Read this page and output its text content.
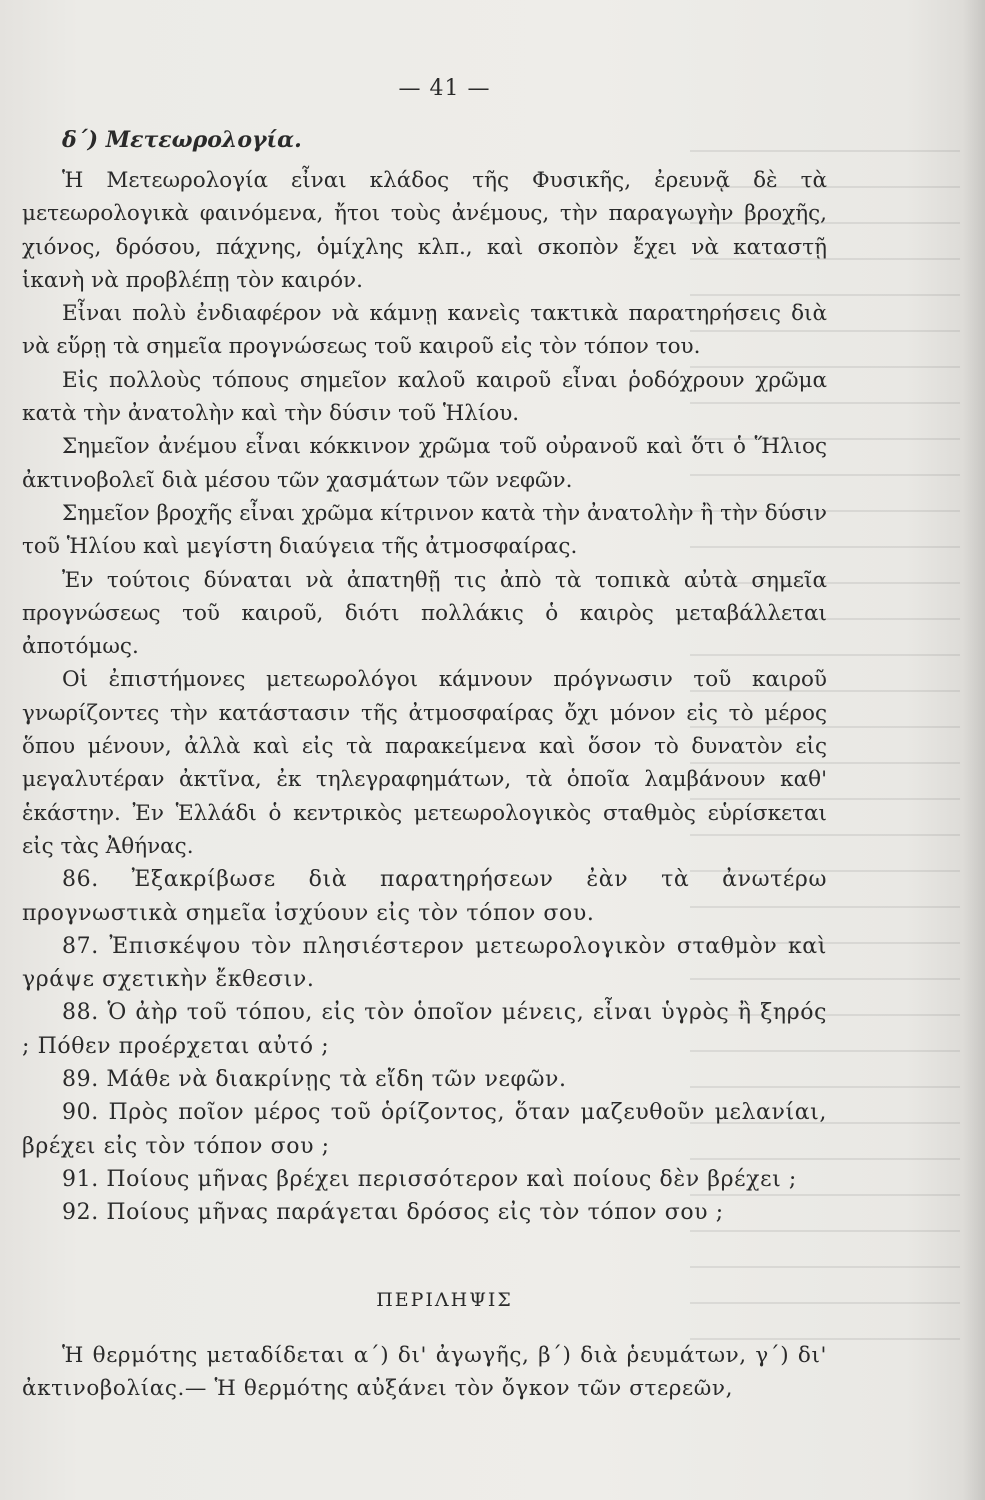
— 41 —
δ΄) Μετεωρολογία.

Ἡ Μετεωρολογία εἶναι κλάδος τῆς Φυσικῆς, ἐρευνᾷ δὲ τὰ μετεωρολογικὰ φαινόμενα, ἤτοι τοὺς ἀνέμους, τὴν παραγωγὴν βροχῆς, χιόνος, δρόσου, πάχνης, ὁμίχλης κλπ., καὶ σκοπὸν ἔχει νὰ καταστῇ ἱκανὴ νὰ προβλέπῃ τὸν καιρόν.

Εἶναι πολὺ ἐνδιαφέρον νὰ κάμνῃ κανεὶς τακτικὰ παρατηρήσεις διὰ νὰ εὕρῃ τὰ σημεῖα προγνώσεως τοῦ καιροῦ εἰς τὸν τόπον του.

Εἰς πολλοὺς τόπους σημεῖον καλοῦ καιροῦ εἶναι ῥοδόχρουν χρῶμα κατὰ τὴν ἀνατολὴν καὶ τὴν δύσιν τοῦ Ἡλίου.

Σημεῖον ἀνέμου εἶναι κόκκινον χρῶμα τοῦ οὐρανοῦ καὶ ὅτι ὁ Ἥλιος ἀκτινοβολεῖ διὰ μέσου τῶν χασμάτων τῶν νεφῶν.

Σημεῖον βροχῆς εἶναι χρῶμα κίτρινον κατὰ τὴν ἀνατολὴν ἢ τὴν δύσιν τοῦ Ἡλίου καὶ μεγίστη διαύγεια τῆς ἀτμοσφαίρας.

Ἐν τούτοις δύναται νὰ ἀπατηθῇ τις ἀπὸ τὰ τοπικὰ αὐτὰ σημεῖα προγνώσεως τοῦ καιροῦ, διότι πολλάκις ὁ καιρὸς μεταβάλλεται ἀποτόμως.

Οἱ ἐπιστήμονες μετεωρολόγοι κάμνουν πρόγνωσιν τοῦ καιροῦ γνωρίζοντες τὴν κατάστασιν τῆς ἀτμοσφαίρας ὄχι μόνον εἰς τὸ μέρος ὅπου μένουν, ἀλλὰ καὶ εἰς τὰ παρακείμενα καὶ ὅσον τὸ δυνατὸν εἰς μεγαλυτέραν ἀκτῖνα, ἐκ τηλεγραφημάτων, τὰ ὁποῖα λαμβάνουν καθ' ἑκάστην. Ἐν Ἑλλάδι ὁ κεντρικὸς μετεωρολογικὸς σταθμὸς εὑρίσκεται εἰς τὰς Ἀθήνας.

86. Ἐξακρίβωσε διὰ παρατηρήσεων ἐὰν τὰ ἀνωτέρω προγνωστικὰ σημεῖα ἰσχύουν εἰς τὸν τόπον σου.

87. Ἐπισκέψου τὸν πλησιέστερον μετεωρολογικὸν σταθμὸν καὶ γράψε σχετικὴν ἔκθεσιν.

88. Ὁ ἀὴρ τοῦ τόπου, εἰς τὸν ὁποῖον μένεις, εἶναι ὑγρὸς ἢ ξηρός ; Πόθεν προέρχεται αὐτό ;

89. Μάθε νὰ διακρίνῃς τὰ εἴδη τῶν νεφῶν.

90. Πρὸς ποῖον μέρος τοῦ ὁρίζοντος, ὅταν μαζευθοῦν μελανίαι, βρέχει εἰς τὸν τόπον σου ;

91. Ποίους μῆνας βρέχει περισσότερον καὶ ποίους δὲν βρέχει ;

92. Ποίους μῆνας παράγεται δρόσος εἰς τὸν τόπον σου ;

ΠΕΡΙΛΗΨΙΣ

Ἡ θερμότης μεταδίδεται α΄) δι' ἀγωγῆς, β΄) διὰ ῥευμάτων, γ΄) δι' ἀκτινοβολίας.— Ἡ θερμότης αὐξάνει τὸν ὄγκον τῶν στερεῶν,
